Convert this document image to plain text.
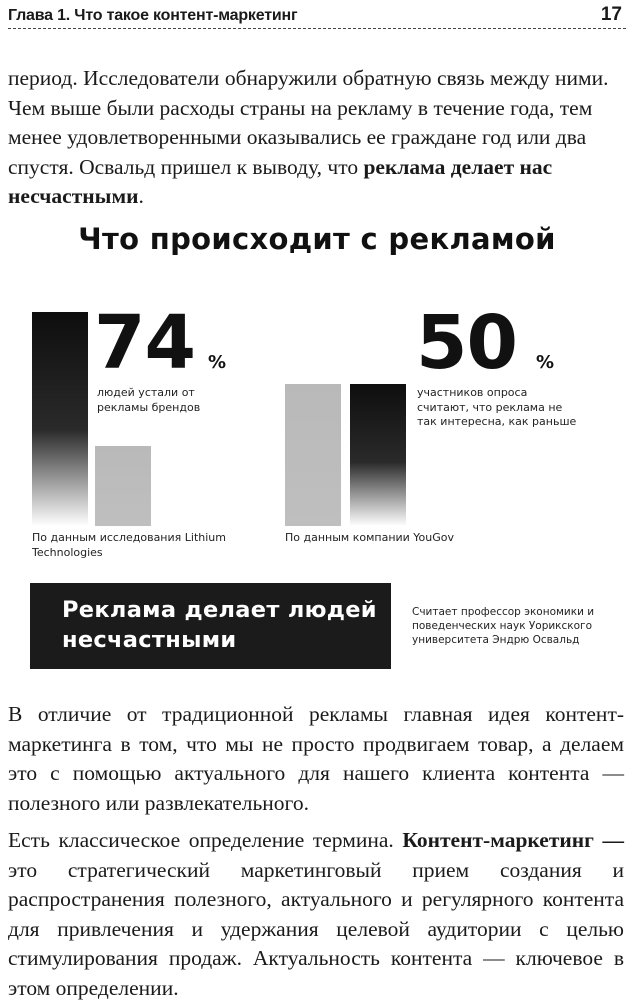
Глава 1. Что такое контент-маркетинг	17

период. Исследователи обнаружили обратную связь между ними. Чем выше были расходы страны на рекламу в течение года, тем менее удовлетворенными оказывались ее граждане год или два спустя. Освальд пришел к выводу, что реклама делает нас несчастными.

Что происходит с рекламой
74 %
людей устали от рекламы брендов
По данным исследования Lithium Technologies
50 %
участников опроса считают, что реклама не так интересна, как раньше
По данным компании YouGov
Реклама делает людей несчастными
Считает профессор экономики и поведенческих наук Уорикского университета Эндрю Освальд

В отличие от традиционной рекламы главная идея контент-маркетинга в том, что мы не просто продвигаем товар, а делаем это с помощью актуального для нашего клиента контента — полезного или развлекательного.

Есть классическое определение термина. Контент-маркетинг — это стратегический маркетинговый прием создания и распространения полезного, актуального и регулярного контента для привлечения и удержания целевой аудитории с целью стимулирования продаж. Актуальность контента — ключевое в этом определении.
